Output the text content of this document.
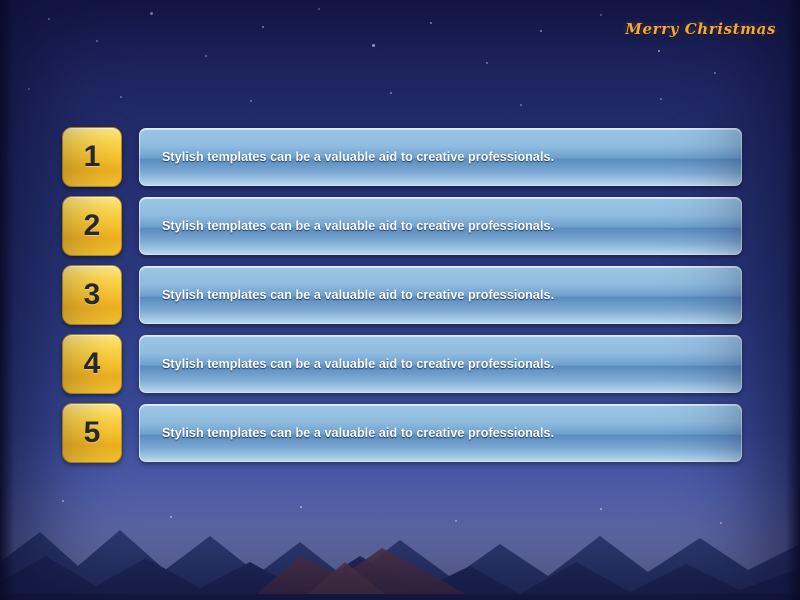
Merry Christmas
1	Stylish templates can be a valuable aid to creative professionals.
2	Stylish templates can be a valuable aid to creative professionals.
3	Stylish templates can be a valuable aid to creative professionals.
4	Stylish templates can be a valuable aid to creative professionals.
5	Stylish templates can be a valuable aid to creative professionals.
